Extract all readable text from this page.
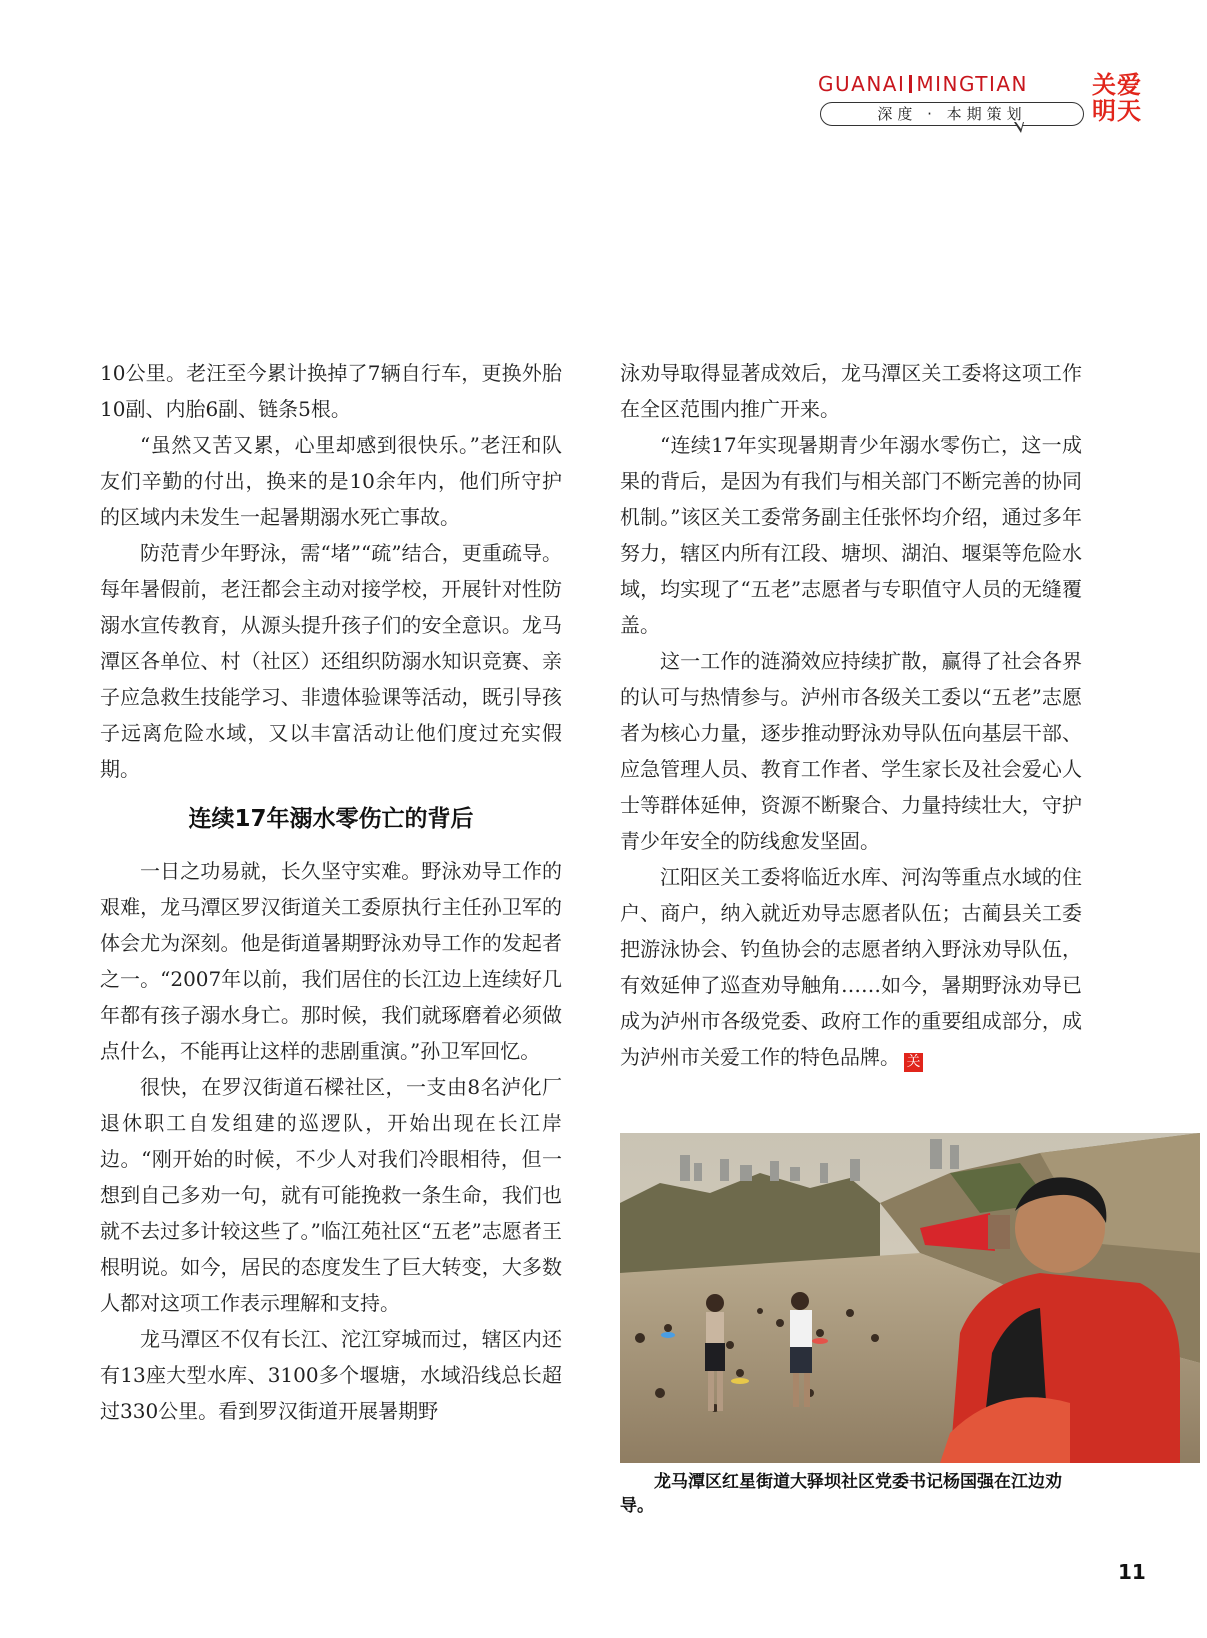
GUANAI MINGTIAN
深度 · 本期策划
关爱
明天

10公里。老汪至今累计换掉了7辆自行车，更换外胎10副、内胎6副、链条5根。

“虽然又苦又累，心里却感到很快乐。”老汪和队友们辛勤的付出，换来的是10余年内，他们所守护的区域内未发生一起暑期溺水死亡事故。

防范青少年野泳，需“堵”“疏”结合，更重疏导。每年暑假前，老汪都会主动对接学校，开展针对性防溺水宣传教育，从源头提升孩子们的安全意识。龙马潭区各单位、村（社区）还组织防溺水知识竞赛、亲子应急救生技能学习、非遗体验课等活动，既引导孩子远离危险水域，又以丰富活动让他们度过充实假期。

连续17年溺水零伤亡的背后

一日之功易就，长久坚守实难。野泳劝导工作的艰难，龙马潭区罗汉街道关工委原执行主任孙卫军的体会尤为深刻。他是街道暑期野泳劝导工作的发起者之一。“2007年以前，我们居住的长江边上连续好几年都有孩子溺水身亡。那时候，我们就琢磨着必须做点什么，不能再让这样的悲剧重演。”孙卫军回忆。

很快，在罗汉街道石樑社区，一支由8名泸化厂退休职工自发组建的巡逻队，开始出现在长江岸边。“刚开始的时候，不少人对我们冷眼相待，但一想到自己多劝一句，就有可能挽救一条生命，我们也就不去过多计较这些了。”临江苑社区“五老”志愿者王根明说。如今，居民的态度发生了巨大转变，大多数人都对这项工作表示理解和支持。

龙马潭区不仅有长江、沱江穿城而过，辖区内还有13座大型水库、3100多个堰塘，水域沿线总长超过330公里。看到罗汉街道开展暑期野

泳劝导取得显著成效后，龙马潭区关工委将这项工作在全区范围内推广开来。

“连续17年实现暑期青少年溺水零伤亡，这一成果的背后，是因为有我们与相关部门不断完善的协同机制。”该区关工委常务副主任张怀均介绍，通过多年努力，辖区内所有江段、塘坝、湖泊、堰渠等危险水域，均实现了“五老”志愿者与专职值守人员的无缝覆盖。

这一工作的涟漪效应持续扩散，赢得了社会各界的认可与热情参与。泸州市各级关工委以“五老”志愿者为核心力量，逐步推动野泳劝导队伍向基层干部、应急管理人员、教育工作者、学生家长及社会爱心人士等群体延伸，资源不断聚合、力量持续壮大，守护青少年安全的防线愈发坚固。

江阳区关工委将临近水库、河沟等重点水域的住户、商户，纳入就近劝导志愿者队伍；古蔺县关工委把游泳协会、钓鱼协会的志愿者纳入野泳劝导队伍，有效延伸了巡查劝导触角……如今，暑期野泳劝导已成为泸州市各级党委、政府工作的重要组成部分，成为泸州市关爱工作的特色品牌。 关

龙马潭区红星街道大驿坝社区党委书记杨国强在江边劝导。
11
